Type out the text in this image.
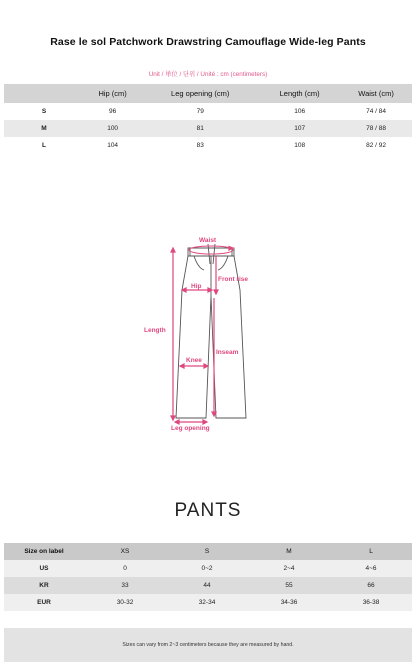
Rase le sol Patchwork Drawstring Camouflage Wide-leg Pants
Unit / 単位 / 단위 / Unité : cm (centimeters)
	Hip (cm)	Leg opening (cm)	Length (cm)	Waist (cm)
S	96	79	106	74 / 84
M	100	81	107	78 / 88
L	104	83	108	82 / 92
Waist
Front rise
Hip
Length
Inseam
Knee
Leg opening
PANTS
Size on label	XS	S	M	L
US	0	0~2	2~4	4~6
KR	33	44	55	66
EUR	30-32	32-34	34-36	36-38
Sizes can vary from 2~3 centimeters because they are measured by hand.
